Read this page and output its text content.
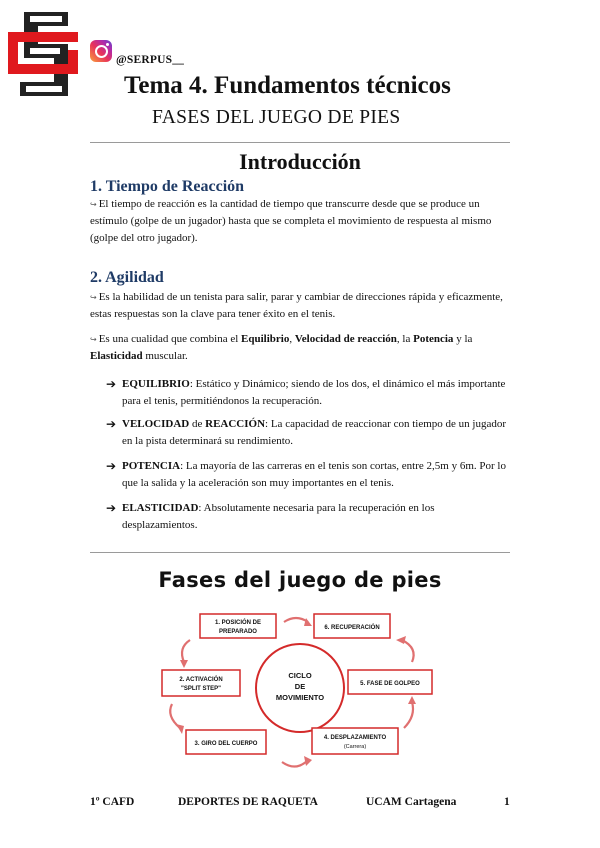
@SERPUS__
Tema 4. Fundamentos técnicos
FASES DEL JUEGO DE PIES
Introducción
1. Tiempo de Reacción
↪ El tiempo de reacción es la cantidad de tiempo que transcurre desde que se produce un estímulo (golpe de un jugador) hasta que se completa el movimiento de respuesta al mismo (golpe del otro jugador).
2. Agilidad
↪ Es la habilidad de un tenista para salir, parar y cambiar de direcciones rápida y eficazmente, estas respuestas son la clave para tener éxito en el tenis.
↪ Es una cualidad que combina el Equilibrio, Velocidad de reacción, la Potencia y la Elasticidad muscular.
➔ EQUILIBRIO: Estático y Dinámico; siendo de los dos, el dinámico el más importante para el tenis, permitiéndonos la recuperación.
➔ VELOCIDAD de REACCIÓN: La capacidad de reaccionar con tiempo de un jugador en la pista determinará su rendimiento.
➔ POTENCIA: La mayoría de las carreras en el tenis son cortas, entre 2,5m y 6m. Por lo que la salida y la aceleración son muy importantes en el tenis.
➔ ELASTICIDAD: Absolutamente necesaria para la recuperación en los desplazamientos.
Fases del juego de pies
CICLO
DE
MOVIMIENTO
1. POSICIÓN DE
PREPARADO
6. RECUPERACIÓN
2. ACTIVACIÓN
"SPLIT STEP"
5. FASE DE GOLPEO
3. GIRO DEL CUERPO
4. DESPLAZAMIENTO
(Carrera)
1º CAFD	DEPORTES DE RAQUETA	UCAM Cartagena	1
